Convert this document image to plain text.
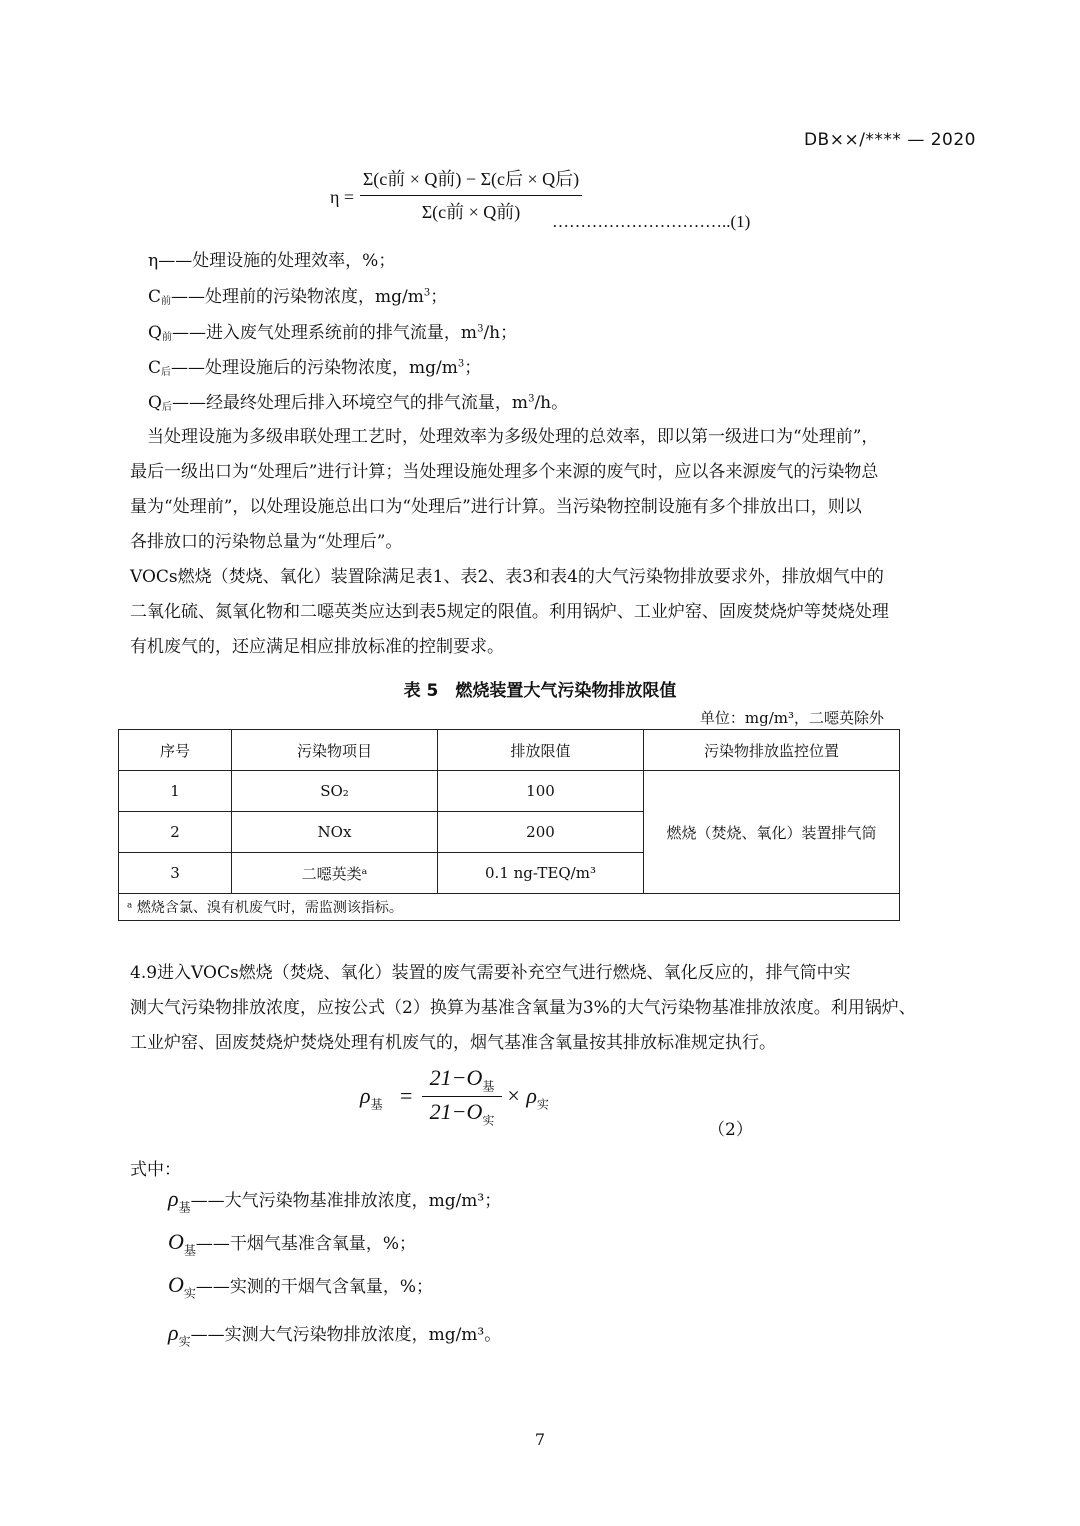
DB××/**** — 2020
η =
Σ(c前 × Q前) − Σ(c后 × Q后)
Σ(c前 × Q前)	…………………………..(1)
η——处理设施的处理效率，%；
$C_前——$处理前的污染物浓度，$mg/m^3$；
$Q_前——$进入废气处理系统前的排气流量，$m^3/h$；
$C_后——$处理设施后的污染物浓度，$mg/m^3$；
$Q_后——$经最终处理后排入环境空气的排气流量，$m^3/h$。
　当处理设施为多级串联处理工艺时，处理效率为多级处理的总效率，即以第一级进口为“处理前”，
最后一级出口为“处理后”进行计算；当处理设施处理多个来源的废气时，应以各来源废气的污染物总
量为“处理前”，以处理设施总出口为“处理后”进行计算。当污染物控制设施有多个排放出口，则以
各排放口的污染物总量为“处理后”。
VOCs燃烧（焚烧、氧化）装置除满足表1、表2、表3和表4的大气污染物排放要求外，排放烟气中的
二氧化硫、氮氧化物和二噁英类应达到表5规定的限值。利用锅炉、工业炉窑、固废焚烧炉等焚烧处理
有机废气的，还应满足相应排放标准的控制要求。
表 5　燃烧装置大气污染物排放限值
单位：mg/m³，二噁英除外
序号	污染物项目	排放限值	污染物排放监控位置
1	SO₂	100	燃烧（焚烧、氧化）装置排气筒
2	NOx	200	
3	二噁英类ᵃ	0.1 ng-TEQ/m³	
ᵃ 燃烧含氯、溴有机废气时，需监测该指标。			
4.9进入VOCs燃烧（焚烧、氧化）装置的废气需要补充空气进行燃烧、氧化反应的，排气筒中实
测大气污染物排放浓度，应按公式（2）换算为基准含氧量为3%的大气污染物基准排放浓度。利用锅炉、
工业炉窑、固废焚烧炉焚烧处理有机废气的，烟气基准含氧量按其排放标准规定执行。
$\rho_基$ =
$21-O_基$
$21-O_实$
× $\rho_实$
（2）
式中：
$\rho_基——$大气污染物基准排放浓度，mg/m³；
$O_基——$干烟气基准含氧量，%；
$O_实——$实测的干烟气含氧量，%；
$\rho_实——$实测大气污染物排放浓度，mg/m³。
7
